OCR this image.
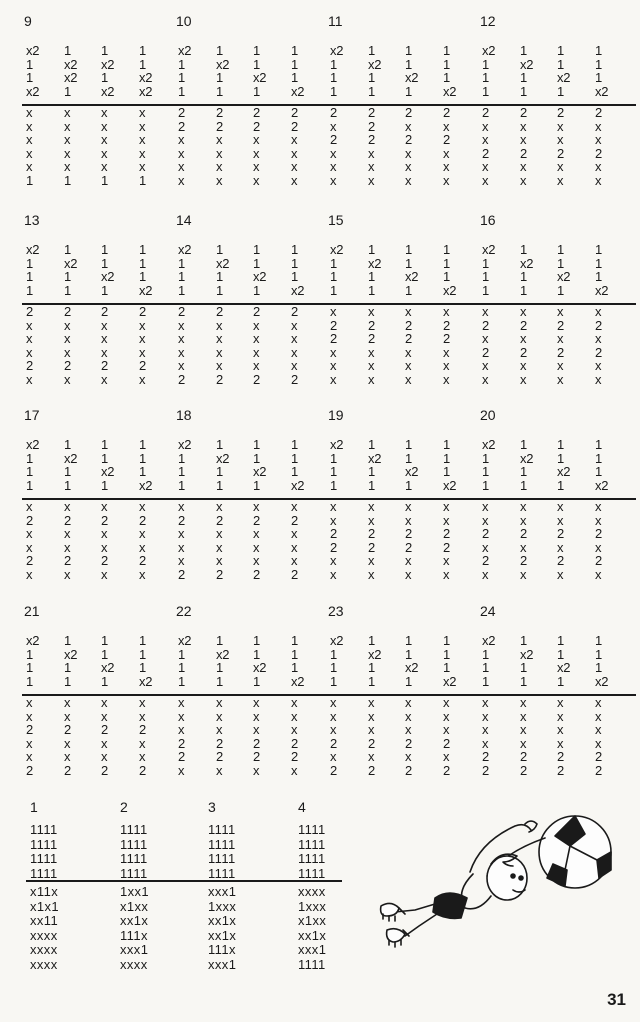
9
x2
1
1
x2
x
x
x
x
x
1
1
x2
x2
1
x
x
x
x
x
1
1
x2
1
x2
x
x
x
x
x
1
1
1
x2
x2
x
x
x
x
x
1
10
x2
1
1
1
2
2
x
x
x
x
1
x2
1
1
2
2
x
x
x
x
1
1
x2
1
2
2
x
x
x
x
1
1
1
x2
2
2
x
x
x
x
11
x2
1
1
1
2
x
2
x
x
x
1
x2
1
1
2
2
2
x
x
x
1
1
x2
1
2
x
2
x
x
x
1
1
1
x2
2
x
2
x
x
x
12
x2
1
1
1
2
x
x
2
x
x
1
x2
1
1
2
x
x
2
x
x
1
1
x2
1
2
x
x
2
x
x
1
1
1
x2
2
x
x
2
x
x
13
x2
1
1
1
2
x
x
x
2
x
1
x2
1
1
2
x
x
x
2
x
1
1
x2
1
2
x
x
x
2
x
1
1
1
x2
2
x
x
x
2
x
14
x2
1
1
1
2
x
x
x
x
2
1
x2
1
1
2
x
x
x
x
2
1
1
x2
1
2
x
x
x
x
2
1
1
1
x2
2
x
x
x
x
2
15
x2
1
1
1
x
2
2
x
x
x
1
x2
1
1
x
2
2
x
x
x
1
1
x2
1
x
2
2
x
x
x
1
1
1
x2
x
2
2
x
x
x
16
x2
1
1
1
x
2
x
2
x
x
1
x2
1
1
x
2
x
2
x
x
1
1
x2
1
x
2
x
2
x
x
1
1
1
x2
x
2
x
2
x
x
17
x2
1
1
1
x
2
x
x
2
x
1
x2
1
1
x
2
x
x
2
x
1
1
x2
1
x
2
x
x
2
x
1
1
1
x2
x
2
x
x
2
x
18
x2
1
1
1
x
2
x
x
x
2
1
x2
1
1
x
2
x
x
x
2
1
1
x2
1
x
2
x
x
x
2
1
1
1
x2
x
2
x
x
x
2
19
x2
1
1
1
x
x
2
2
x
x
1
x2
1
1
x
x
2
2
x
x
1
1
x2
1
x
x
2
2
x
x
1
1
1
x2
x
x
2
2
x
x
20
x2
1
1
1
x
x
2
x
2
x
1
x2
1
1
x
x
2
x
2
x
1
1
x2
1
x
x
2
x
2
x
1
1
1
x2
x
x
2
x
2
x
21
x2
1
1
1
x
x
2
x
x
2
1
x2
1
1
x
x
2
x
x
2
1
1
x2
1
x
x
2
x
x
2
1
1
1
x2
x
x
2
x
x
2
22
x2
1
1
1
x
x
x
2
2
x
1
x2
1
1
x
x
x
2
2
x
1
1
x2
1
x
x
x
2
2
x
1
1
1
x2
x
x
x
2
2
x
23
x2
1
1
1
x
x
x
2
x
2
1
x2
1
1
x
x
x
2
x
2
1
1
x2
1
x
x
x
2
x
2
1
1
1
x2
x
x
x
2
x
2
24
x2
1
1
1
x
x
x
x
2
2
1
x2
1
1
x
x
x
x
2
2
1
1
x2
1
x
x
x
x
2
2
1
1
1
x2
x
x
x
x
2
2
1
1111
1111
1111
1111
x11x
x1x1
xx11
xxxx
xxxx
xxxx
2
1111
1111
1111
1111
1xx1
x1xx
xx1x
111x
xxx1
xxxx
3
1111
1111
1111
1111
xxx1
1xxx
xx1x
xx1x
111x
xxx1
4
1111
1111
1111
1111
xxxx
1xxx
x1xx
xx1x
xxx1
1111
31
